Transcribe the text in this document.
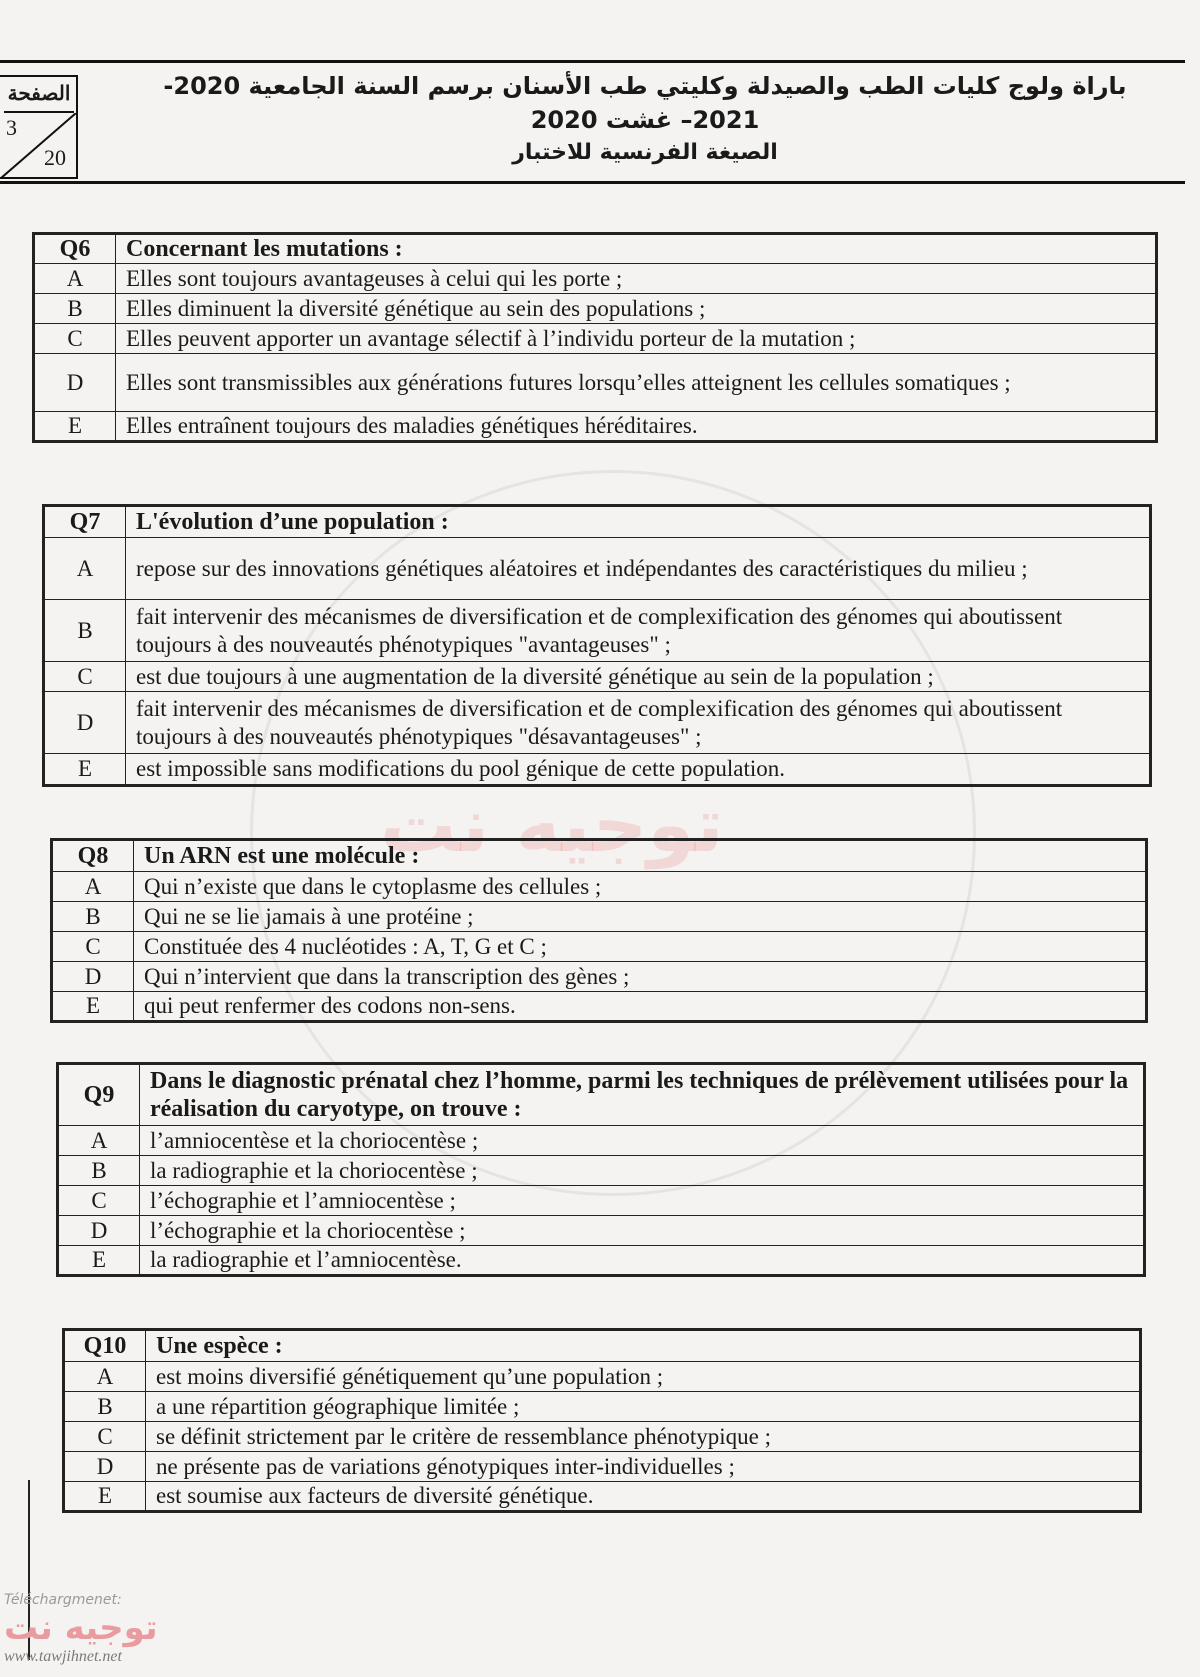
توجيه نت
الصفحة
3
20
باراة ولوج كليات الطب والصيدلة وكليتي طب الأسنان برسم السنة الجامعية 2020-2021– غشت 2020
الصيغة الفرنسية للاختبار
Q6	Concernant les mutations :
A	Elles sont toujours avantageuses à celui qui les porte ;
B	Elles diminuent la diversité génétique au sein des populations ;
C	Elles peuvent apporter un avantage sélectif à l’individu porteur de la mutation ;
D	Elles sont transmissibles aux générations futures lorsqu’elles atteignent les cellules somatiques ;
E	Elles entraînent toujours des maladies génétiques héréditaires.
Q7	L'évolution d’une population :
A	repose sur des innovations génétiques aléatoires et indépendantes des caractéristiques du milieu ;
B	fait intervenir des mécanismes de diversification et de complexification des génomes qui aboutissent toujours à des nouveautés phénotypiques "avantageuses" ;
C	est due toujours à une augmentation de la diversité génétique au sein de la population ;
D	fait intervenir des mécanismes de diversification et de complexification des génomes qui aboutissent toujours à des nouveautés phénotypiques "désavantageuses" ;
E	est impossible sans modifications du pool génique de cette population.
Q8	Un ARN est une molécule :
A	Qui n’existe que dans le cytoplasme des cellules ;
B	Qui ne se lie jamais à une protéine ;
C	Constituée des 4 nucléotides : A, T, G et C ;
D	Qui n’intervient que dans la transcription des gènes ;
E	qui peut renfermer des codons non-sens.
Q9	Dans le diagnostic prénatal chez l’homme, parmi les techniques de prélèvement utilisées pour la réalisation du caryotype, on trouve :
A	l’amniocentèse et la choriocentèse ;
B	la radiographie et la choriocentèse ;
C	l’échographie et l’amniocentèse ;
D	l’échographie et la choriocentèse ;
E	la radiographie et l’amniocentèse.
Q10	Une espèce :
A	est moins diversifié génétiquement qu’une population ;
B	a une répartition géographique limitée ;
C	se définit strictement par le critère de ressemblance phénotypique ;
D	ne présente pas de variations génotypiques inter-individuelles ;
E	est soumise aux facteurs de diversité génétique.
Téléchargmenet:
توجيه نت
www.tawjihnet.net
